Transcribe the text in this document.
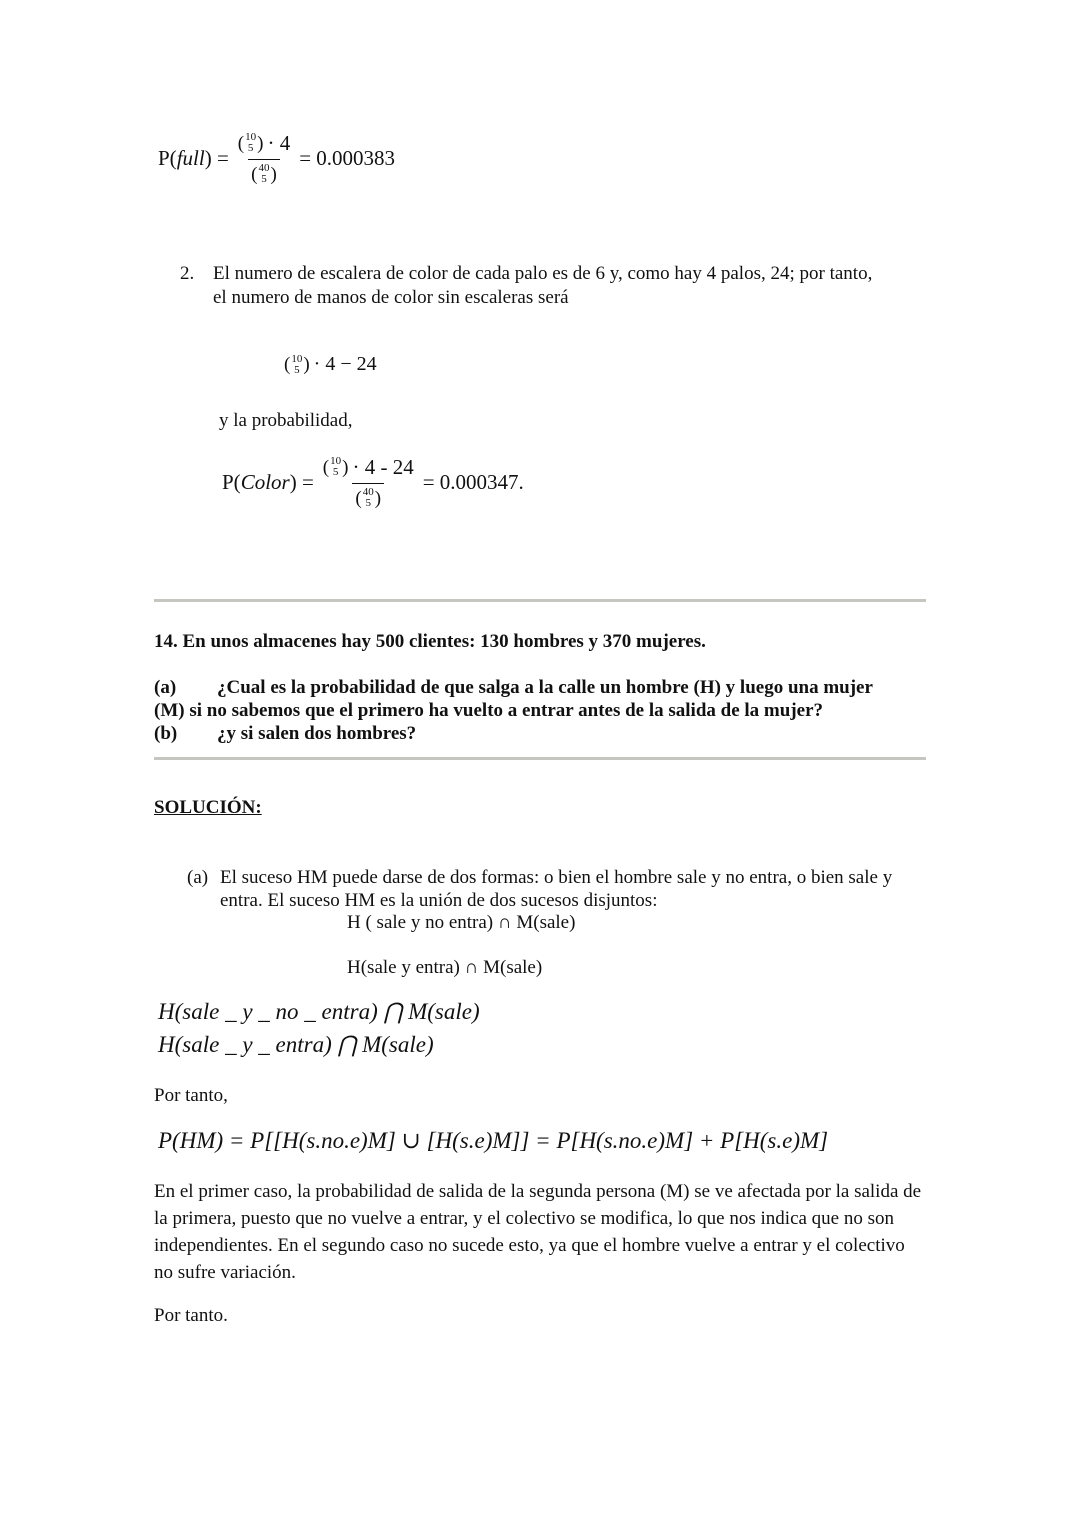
P(full) = ( 10
5 ) · 4
( 40
5 ) = 0.000383
2. El numero de escalera de color de cada palo es de 6 y, como hay 4 palos, 24; por tanto,
el numero de manos de color sin escaleras será
( 10
5 ) · 4 − 24
y la probabilidad,
P(Color) = ( 10
5 ) · 4 - 24
( 40
5 ) = 0.000347.
14. En unos almacenes hay 500 clientes: 130 hombres y 370 mujeres.
(a) ¿Cual es la probabilidad de que salga a la calle un hombre (H) y luego una mujer
(M) si no sabemos que el primero ha vuelto a entrar antes de la salida de la mujer?
(b) ¿y si salen dos hombres?
SOLUCIÓN:
(a) El suceso HM puede darse de dos formas: o bien el hombre sale y no entra, o bien sale y
entra. El suceso HM es la unión de dos sucesos disjuntos:
H ( sale y no entra) ∩ M(sale)
H(sale y entra) ∩ M(sale)
H(sale _ y _ no _ entra) ⋂ M(sale)
H(sale _ y _ entra) ⋂ M(sale)
Por tanto,
P(HM) = P[[H(s.no.e)M] ∪ [H(s.e)M]] = P[H(s.no.e)M] + P[H(s.e)M]
En el primer caso, la probabilidad de salida de la segunda persona (M) se ve afectada por la salida de la primera, puesto que no vuelve a entrar, y el colectivo se modifica, lo que nos indica que no son independientes. En el segundo caso no sucede esto, ya que el hombre vuelve a entrar y el colectivo no sufre variación.
Por tanto.
